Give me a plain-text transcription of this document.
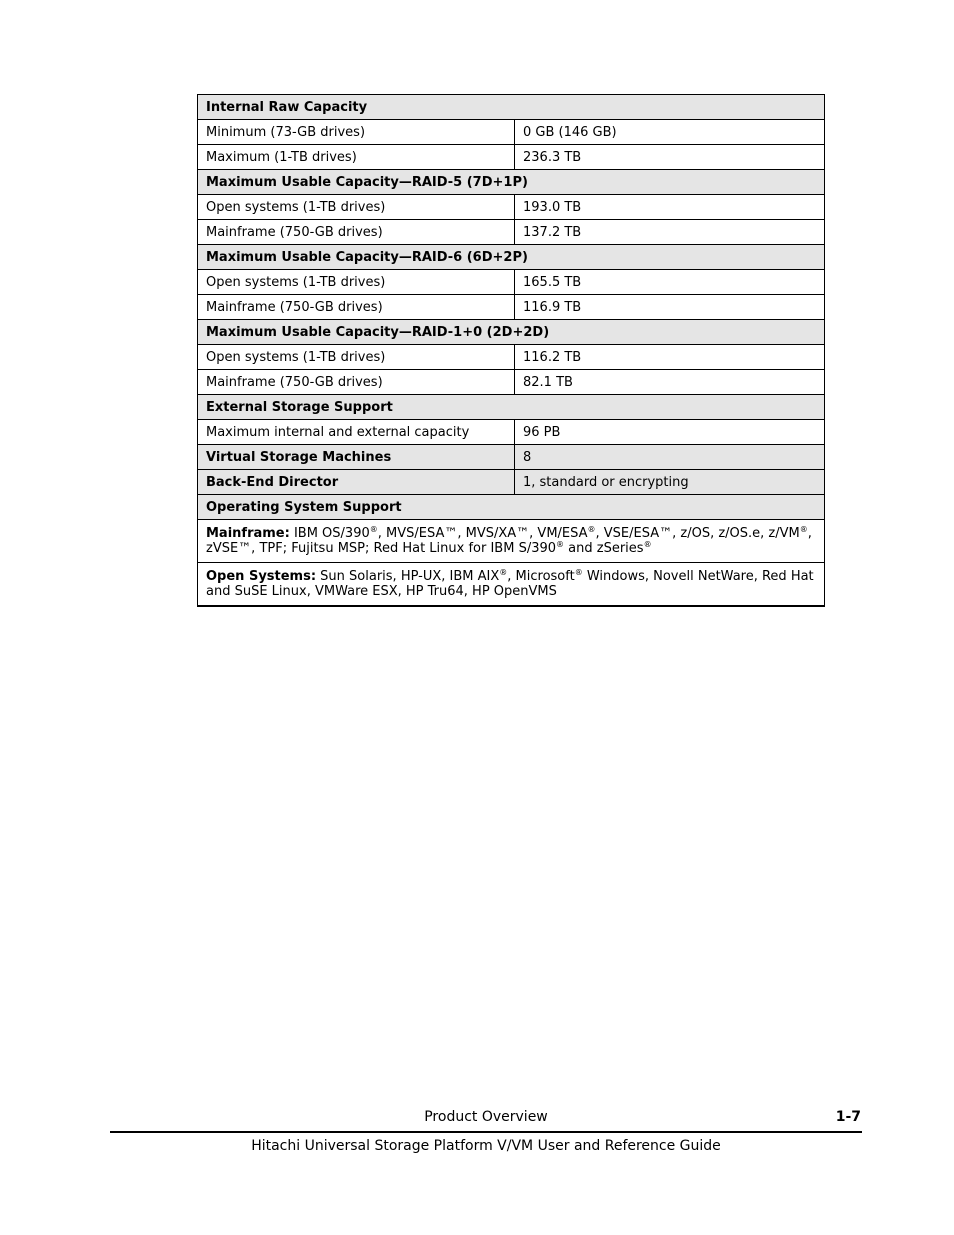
Internal Raw Capacity	
Minimum (73-GB drives)	0 GB (146 GB)
Maximum (1-TB drives)	236.3 TB
Maximum Usable Capacity—RAID-5 (7D+1P)	
Open systems (1-TB drives)	193.0 TB
Mainframe (750-GB drives)	137.2 TB
Maximum Usable Capacity—RAID-6 (6D+2P)	
Open systems (1-TB drives)	165.5 TB
Mainframe (750-GB drives)	116.9 TB
Maximum Usable Capacity—RAID-1+0 (2D+2D)	
Open systems (1-TB drives)	116.2 TB
Mainframe (750-GB drives)	82.1 TB
External Storage Support	
Maximum internal and external capacity	96 PB
Virtual Storage Machines	8
Back-End Director	1, standard or encrypting
Operating System Support	
Mainframe: IBM OS/390®, MVS/ESA™, MVS/XA™, VM/ESA®, VSE/ESA™, z/OS, z/OS.e, z/VM®, zVSE™, TPF; Fujitsu MSP; Red Hat Linux for IBM S/390® and zSeries®
Open Systems: Sun Solaris, HP-UX, IBM AIX®, Microsoft® Windows, Novell NetWare, Red Hat and SuSE Linux, VMWare ESX, HP Tru64, HP OpenVMS	
Product Overview	1-7
Hitachi Universal Storage Platform V/VM User and Reference Guide
